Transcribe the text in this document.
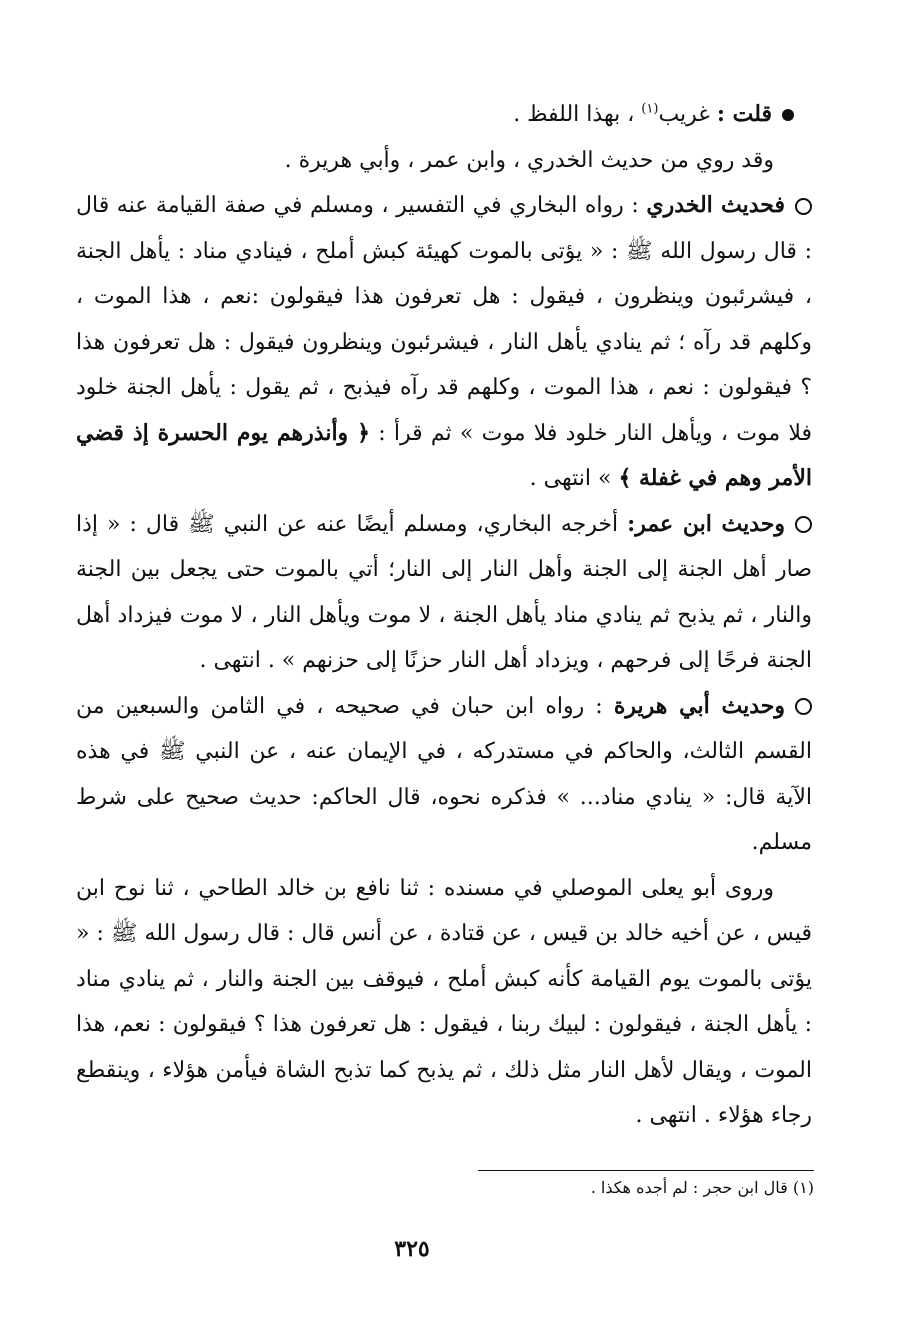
قلت : غريب$^{(١)}$ ، بهذا اللفظ .

وقد روي من حديث الخدري ، وابن عمر ، وأبي هريرة .

فحديث الخدري : رواه البخاري في التفسير ، ومسلم في صفة القيامة عنه قال : قال رسول الله ﷺ : « يؤتى بالموت كهيئة كبش أملح ، فينادي مناد : يأهل الجنة ، فيشرئبون وينظرون ، فيقول : هل تعرفون هذا فيقولون :نعم ، هذا الموت ، وكلهم قد رآه ؛ ثم ينادي يأهل النار ، فيشرئبون وينظرون فيقول : هل تعرفون هذا ؟ فيقولون : نعم ، هذا الموت ، وكلهم قد رآه فيذبح ، ثم يقول : يأهل الجنة خلود فلا موت ، ويأهل النار خلود فلا موت » ثم قرأ : ﴿ وأنذرهم يوم الحسرة إذ قضي الأمر وهم في غفلة ﴾ » انتهى .

وحديث ابن عمر: أخرجه البخاري، ومسلم أيضًا عنه عن النبي ﷺ قال : « إذا صار أهل الجنة إلى الجنة وأهل النار إلى النار؛ أتي بالموت حتى يجعل بين الجنة والنار ، ثم يذبح ثم ينادي مناد يأهل الجنة ، لا موت ويأهل النار ، لا موت فيزداد أهل الجنة فرحًا إلى فرحهم ، ويزداد أهل النار حزنًا إلى حزنهم » . انتهى .

وحديث أبي هريرة : رواه ابن حبان في صحيحه ، في الثامن والسبعين من القسم الثالث، والحاكم في مستدركه ، في الإيمان عنه ، عن النبي ﷺ في هذه الآية قال: « ينادي مناد... » فذكره نحوه، قال الحاكم: حديث صحيح على شرط مسلم.

وروى أبو يعلى الموصلي في مسنده : ثنا نافع بن خالد الطاحي ، ثنا نوح ابن قيس ، عن أخيه خالد بن قيس ، عن قتادة ، عن أنس قال : قال رسول الله ﷺ : « يؤتى بالموت يوم القيامة كأنه كبش أملح ، فيوقف بين الجنة والنار ، ثم ينادي مناد : يأهل الجنة ، فيقولون : لبيك ربنا ، فيقول : هل تعرفون هذا ؟ فيقولون : نعم، هذا الموت ، ويقال لأهل النار مثل ذلك ، ثم يذبح كما تذبح الشاة فيأمن هؤلاء ، وينقطع رجاء هؤلاء . انتهى .

(١) قال ابن حجر : لم أجده هكذا .
٣٢٥
